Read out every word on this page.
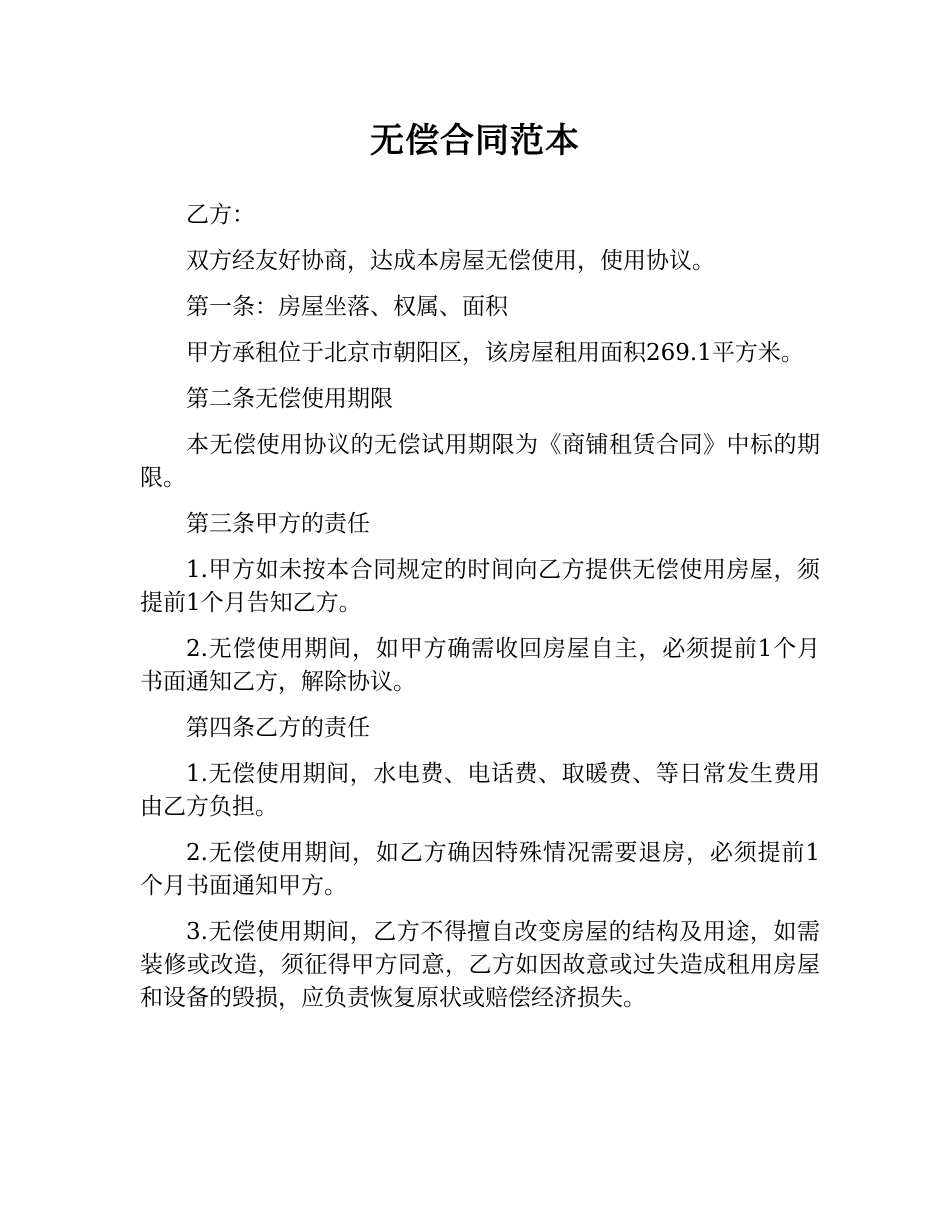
无偿合同范本

乙方：

双方经友好协商，达成本房屋无偿使用，使用协议。

第一条：房屋坐落、权属、面积

甲方承租位于北京市朝阳区，该房屋租用面积269.1平方米。

第二条无偿使用期限

本无偿使用协议的无偿试用期限为《商铺租赁合同》中标的期限。

第三条甲方的责任

1.甲方如未按本合同规定的时间向乙方提供无偿使用房屋，须提前1个月告知乙方。

2.无偿使用期间，如甲方确需收回房屋自主，必须提前1个月书面通知乙方，解除协议。

第四条乙方的责任

1.无偿使用期间，水电费、电话费、取暖费、等日常发生费用由乙方负担。

2.无偿使用期间，如乙方确因特殊情况需要退房，必须提前1个月书面通知甲方。

3.无偿使用期间，乙方不得擅自改变房屋的结构及用途，如需装修或改造，须征得甲方同意，乙方如因故意或过失造成租用房屋和设备的毁损，应负责恢复原状或赔偿经济损失。
